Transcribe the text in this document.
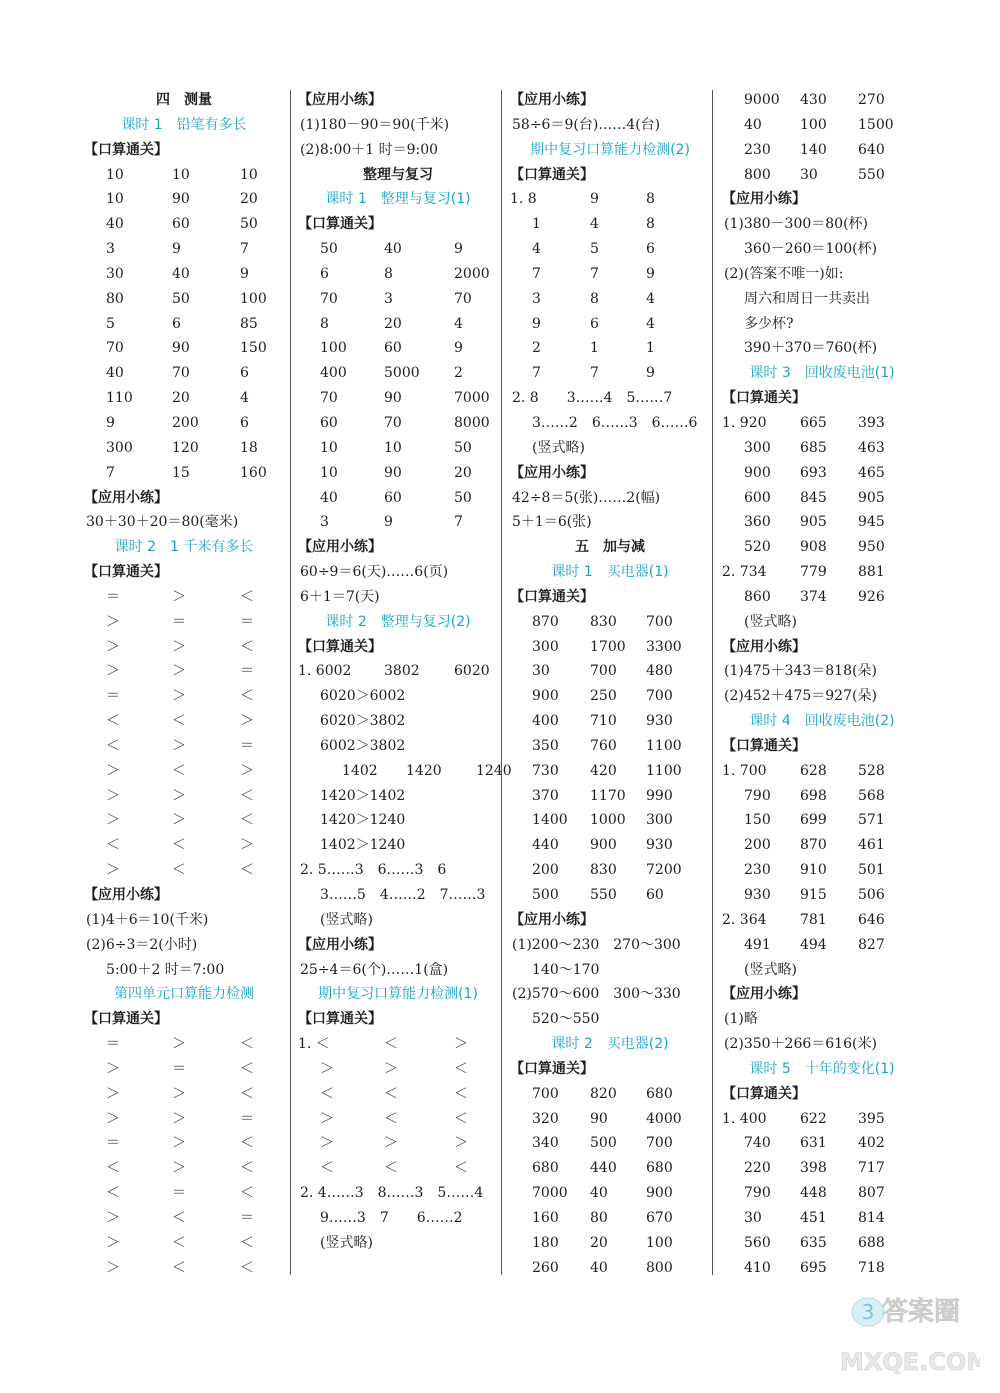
四　测量
课时 1　铅笔有多长
【口算通关】
10	10	10
10	90	20
40	60	50
3	9	7
30	40	9
80	50	100
5	6	85
70	90	150
40	70	6
110	20	4
9	200	6
300	120	18
7	15	160
【应用小练】
30＋30＋20＝80(毫米)
课时 2　1 千米有多长
【口算通关】
＝	＞	＜
＞	＝	＝
＞	＞	＜
＞	＞	＝
＝	＞	＜
＜	＜	＞
＜	＞	＝
＞	＜	＞
＞	＞	＜
＞	＞	＜
＜	＜	＞
＞	＜	＜
【应用小练】
(1)4＋6＝10(千米)
(2)6÷3＝2(小时)
5:00＋2 时＝7:00
第四单元口算能力检测
【口算通关】
＝	＞	＜
＞	＝	＜
＞	＞	＜
＞	＞	＝
＝	＞	＜
＜	＞	＜
＜	＝	＜
＞	＜	＝
＞	＜	＜
＞	＜	＜
【应用小练】
(1)180－90＝90(千米)
(2)8:00＋1 时＝9:00
整理与复习
课时 1　整理与复习(1)
【口算通关】
50	40	9
6	8	2000
70	3	70
8	20	4
100	60	9
400	5000 2
70	90	7000
60	70	8000
10	10	50
10	90	20
40	60	50
3	9	7
【应用小练】
60÷9＝6(天)……6(页)
6＋1＝7(天)
课时 2　整理与复习(2)
【口算通关】
1. 6002 3802 6020
6020＞6002
6020＞3802
6002＞3802
1402 1420 1240
1420＞1402
1420＞1240
1402＞1240
2. 5……3　6……3　6
3……5　4……2　7……3
(竖式略)
【应用小练】
25÷4＝6(个)……1(盒)
期中复习口算能力检测(1)
【口算通关】
1. ＜	＜	＞
＞	＞	＜
＜	＜	＜
＞	＜	＜
＞	＞	＞
＜	＜	＜
2. 4……3　8……3　5……4
9……3　7　　6……2
(竖式略)
【应用小练】
58÷6＝9(台)……4(台)
期中复习口算能力检测(2)
【口算通关】
1. 8	9	8
1	4	8
4	5	6
7	7	9
3	8	4
9	6	4
2	1	1
7	7	9
2. 8　　3……4　5……7
3……2　6……3　6……6
(竖式略)
【应用小练】
42÷8＝5(张)……2(幅)
5＋1＝6(张)
五　加与减
课时 1　买电器(1)
【口算通关】
870 830 700
300 1700 3300
30	700 480
900 250 700
400 710 930
350 760 1100
730 420 1100
370 1170 990
1400 1000 300
440 900 930
200 830 7200
500 550 60
【应用小练】
(1)200～230　270～300
140～170
(2)570～600　300～330
520～550
课时 2　买电器(2)
【口算通关】
700 820 680
320 90	4000
340 500 700
680 440 680
7000 40	900
160 80	670
180 20	100
260 40	800
9000 430 270
40	100 1500
230 140 640
800 30	550
【应用小练】
(1)380－300＝80(杯)
360－260＝100(杯)
(2)(答案不唯一)如:
周六和周日一共卖出
多少杯?
390＋370＝760(杯)
课时 3　回收废电池(1)
【口算通关】
1. 920 665 393
300 685 463
900 693 465
600 845 905
360 905 945
520 908 950
2. 734 779 881
860 374 926
(竖式略)
【应用小练】
(1)475＋343＝818(朵)
(2)452＋475＝927(朵)
课时 4　回收废电池(2)
【口算通关】
1. 700 628 528
790 698 568
150 699 571
200 870 461
230 910 501
930 915 506
2. 364 781 646
491 494 827
(竖式略)
【应用小练】
(1)略
(2)350＋266＝616(米)
课时 5　十年的变化(1)
【口算通关】
1. 400 622 395
740 631 402
220 398 717
790 448 807
30	451 814
560 635 688
410 695 718
3 答案圈
MXQE.COM
